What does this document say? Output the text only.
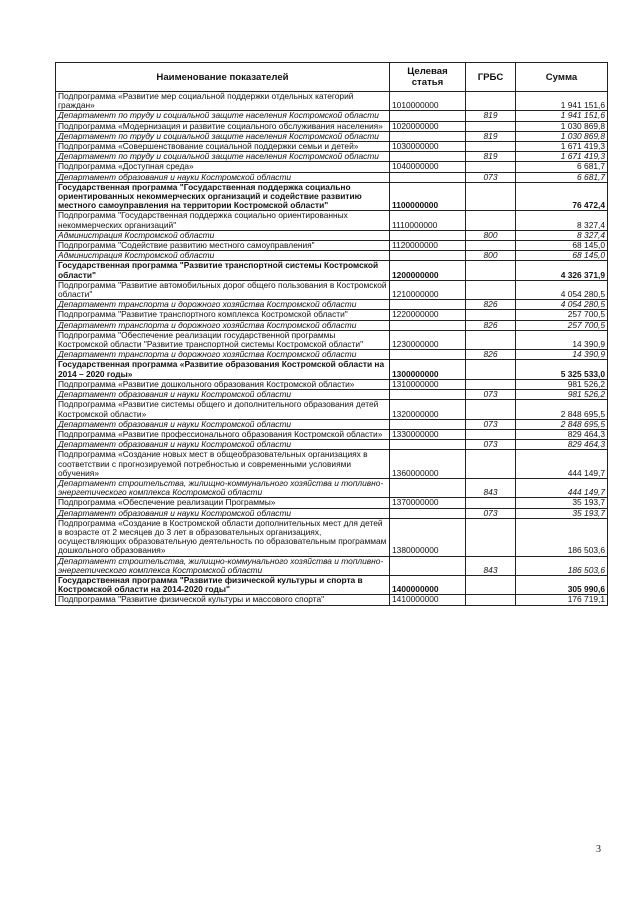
Наименование показателей	Целевая статья	ГРБС	Сумма
Подпрограмма «Развитие мер социальной поддержки отдельных категорий граждан»	1010000000		1 941 151,6
Департамент по труду и социальной защите населения Костромской области		819	1 941 151,6
Подпрограмма «Модернизация и развитие социального обслуживания населения»	1020000000		1 030 869,8
Департамент по труду и социальной защите населения Костромской области		819	1 030 869,8
Подпрограмма «Совершенствование социальной поддержки семьи и детей»	1030000000		1 671 419,3
Департамент по труду и социальной защите населения Костромской области		819	1 671 419,3
Подпрограмма «Доступная среда»	1040000000		6 681,7
Департамент образования и науки Костромской области		073	6 681,7
Государственная программа "Государственная поддержка социально ориентированных некоммерческих организаций и содействие развитию местного самоуправления на территории Костромской области"	1100000000		76 472,4
Подпрограмма "Государственная поддержка социально ориентированных некоммерческих организаций"	1110000000		8 327,4
Администрация Костромской области		800	8 327,4
Подпрограмма "Содействие развитию местного самоуправления"	1120000000		68 145,0
Администрация Костромской области		800	68 145,0
Государственная программа "Развитие транспортной системы Костромской области"	1200000000		4 326 371,9
Подпрограмма "Развитие автомобильных дорог общего пользования в Костромской области"	1210000000		4 054 280,5
Департамент транспорта и дорожного хозяйства Костромской области		826	4 054 280,5
Подпрограмма "Развитие транспортного комплекса Костромской области"	1220000000		257 700,5
Департамент транспорта и дорожного хозяйства Костромской области		826	257 700,5
Подпрограмма "Обеспечение реализации государственной программы Костромской области "Развитие транспортной системы Костромской области"	1230000000		14 390,9
Департамент транспорта и дорожного хозяйства Костромской области		826	14 390,9
Государственная программа «Развитие образования Костромской области на 2014 – 2020 годы»	1300000000		5 325 533,0
Подпрограмма «Развитие дошкольного образования Костромской области»	1310000000		981 526,2
Департамент образования и науки Костромской области		073	981 526,2
Подпрограмма «Развитие системы общего и дополнительного образования детей Костромской области»	1320000000		2 848 695,5
Департамент образования и науки Костромской области		073	2 848 695,5
Подпрограмма «Развитие профессионального образования Костромской области»	1330000000		829 464,3
Департамент образования и науки Костромской области		073	829 464,3
Подпрограмма «Создание новых мест в общеобразовательных организациях в соответствии с прогнозируемой потребностью и современными условиями обучения»	1360000000		444 149,7
Департамент строительства, жилищно-коммунального хозяйства и топливно-энергетического комплекса Костромской области		843	444 149,7
Подпрограмма «Обеспечение реализации Программы»	1370000000		35 193,7
Департамент образования и науки Костромской области		073	35 193,7
Подпрограмма «Создание в Костромской области дополнительных мест для детей в возрасте от 2 месяцев до 3 лет в образовательных организациях, осуществляющих образовательную деятельность по образовательным программам дошкольного образования»	1380000000		186 503,6
Департамент строительства, жилищно-коммунального хозяйства и топливно-энергетического комплекса Костромской области		843	186 503,6
Государственная программа "Развитие физической культуры и спорта в Костромской области на 2014-2020 годы"	1400000000		305 990,6
Подпрограмма "Развитие физической культуры и массового спорта"	1410000000		176 719,1
3
